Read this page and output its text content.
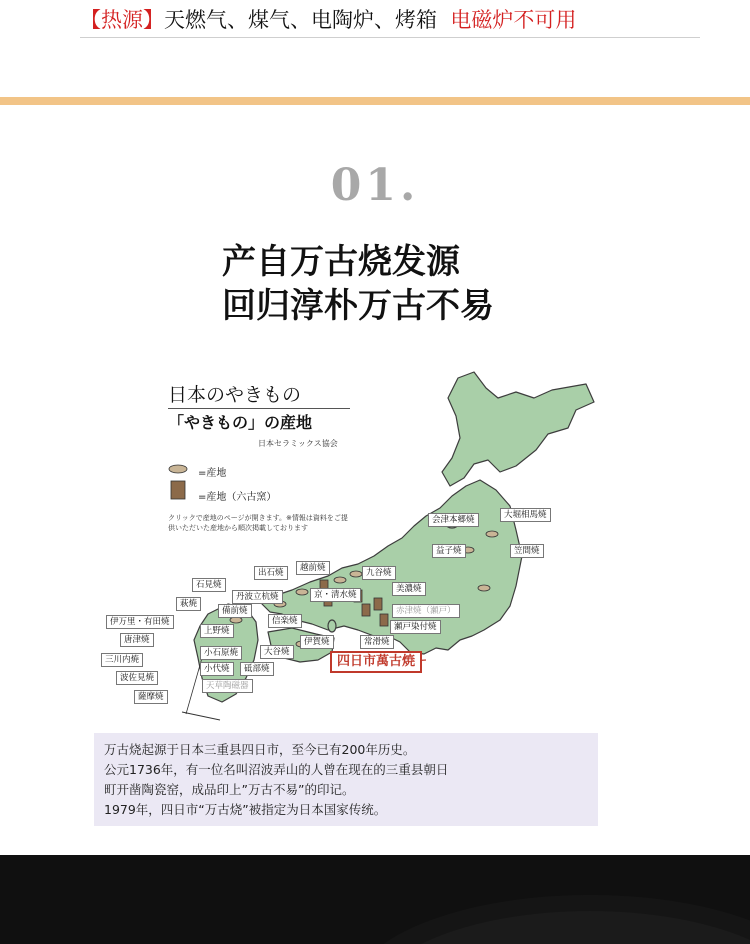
【热源】天燃气、煤气、电陶炉、烤箱 电磁炉不可用
01.
产自万古烧发源
回归淳朴万古不易
日本のやきもの
「やきもの」の産地
日本セラミックス協会
=産地
=産地（六古窯）
クリックで産地のページが開きます。※情報は資料をご提供いただいた産地から順次掲載しております
大堀相馬焼
会津本郷焼
笠間焼
益子焼
九谷焼
越前焼
美濃焼
出石焼
石見焼
丹波立杭焼	京・清水焼
萩焼
備前焼	赤津焼（瀬戸）
瀬戸染付焼
伊万里・有田焼	信楽焼
常滑焼
唐津焼	伊賀焼
三川内焼
大谷焼
砥部焼
波佐見焼
天草陶磁器
薩摩焼
上野焼
小石原焼
小代焼	四日市萬古焼
万古烧起源于日本三重县四日市，至今已有200年历史。
公元1736年，有一位名叫沼波弄山的人曾在现在的三重县朝日
町开凿陶瓷窑，成品印上”万古不易”的印记。
1979年，四日市“万古烧”被指定为日本国家传统。
